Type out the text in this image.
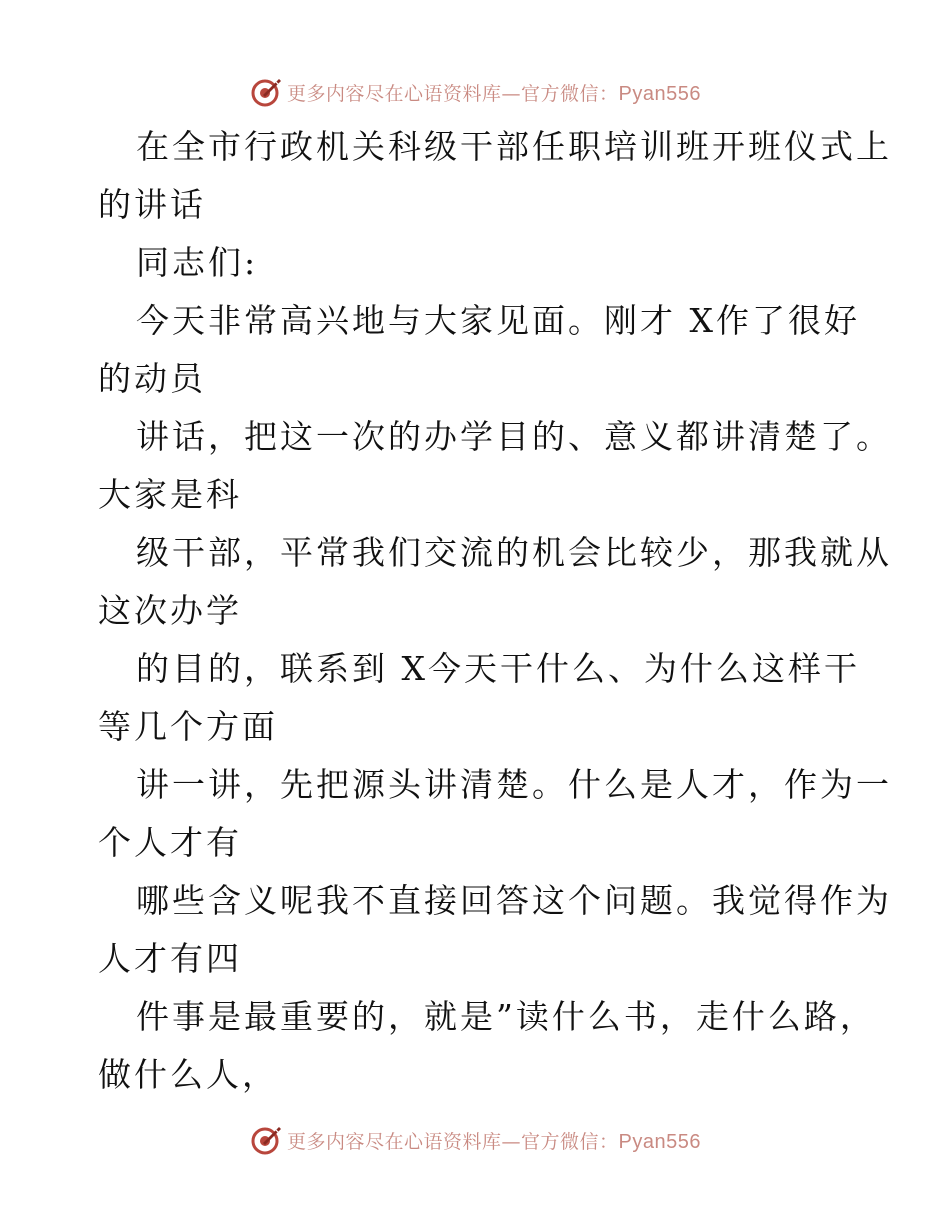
更多内容尽在心语资料库—官方微信：Pyan556
在全市行政机关科级干部任职培训班开班仪式上
的讲话
同志们:
今天非常高兴地与大家见面。刚才 X作了很好
的动员
讲话，把这一次的办学目的、意义都讲清楚了。
大家是科
级干部，平常我们交流的机会比较少，那我就从
这次办学
的目的，联系到 X今天干什么、为什么这样干
等几个方面
讲一讲，先把源头讲清楚。什么是人才，作为一
个人才有
哪些含义呢我不直接回答这个问题。我觉得作为
人才有四
件事是最重要的，就是”读什么书，走什么路，
做什么人，
更多内容尽在心语资料库—官方微信：Pyan556
